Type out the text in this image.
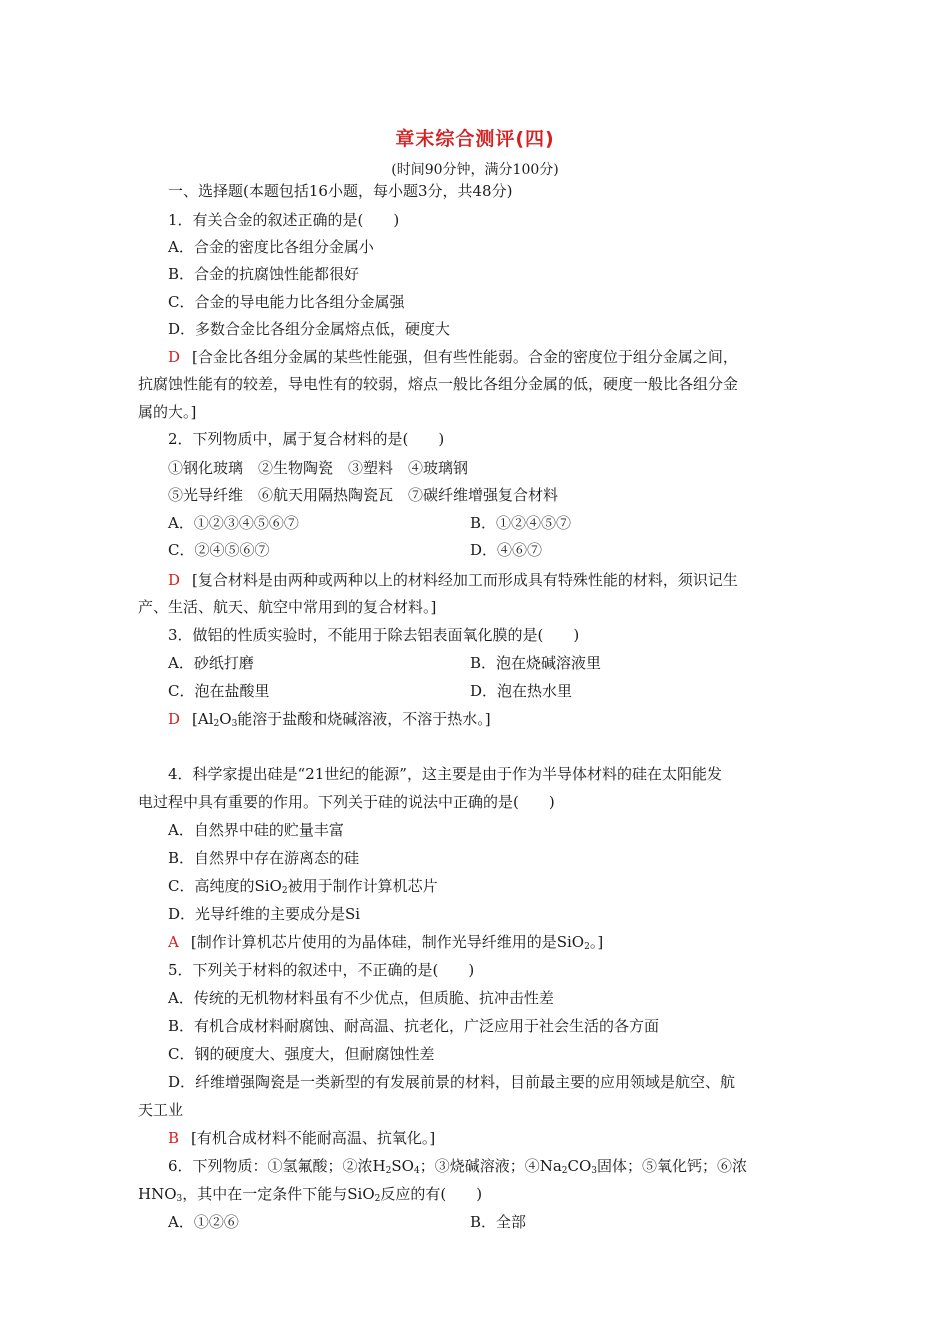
章末综合测评(四)
(时间90分钟，满分100分)
一、选择题(本题包括16小题，每小题3分，共48分)
1．有关合金的叙述正确的是(　　)
A．合金的密度比各组分金属小
B．合金的抗腐蚀性能都很好
C．合金的导电能力比各组分金属强
D．多数合金比各组分金属熔点低，硬度大
D [合金比各组分金属的某些性能强，但有些性能弱。合金的密度位于组分金属之间，
抗腐蚀性能有的较差，导电性有的较弱，熔点一般比各组分金属的低，硬度一般比各组分金
属的大。]
2．下列物质中，属于复合材料的是(　　)
①钢化玻璃　②生物陶瓷　③塑料　④玻璃钢
⑤光导纤维　⑥航天用隔热陶瓷瓦　⑦碳纤维增强复合材料
A．①②③④⑤⑥⑦	B．①②④⑤⑦
C．②④⑤⑥⑦	D．④⑥⑦
D [复合材料是由两种或两种以上的材料经加工而形成具有特殊性能的材料，须识记生
产、生活、航天、航空中常用到的复合材料。]
3．做铝的性质实验时，不能用于除去铝表面氧化膜的是(　　)
A．砂纸打磨	B．泡在烧碱溶液里
C．泡在盐酸里	D．泡在热水里
D [$Al_2O_3$能溶于盐酸和烧碱溶液，不溶于热水。]
4．科学家提出硅是“21世纪的能源”，这主要是由于作为半导体材料的硅在太阳能发
电过程中具有重要的作用。下列关于硅的说法中正确的是(　　)
A．自然界中硅的贮量丰富
B．自然界中存在游离态的硅
C．高纯度的SiO$_2$被用于制作计算机芯片
D．光导纤维的主要成分是Si
A [制作计算机芯片使用的为晶体硅，制作光导纤维用的是SiO$_2$。]
5．下列关于材料的叙述中，不正确的是(　　)
A．传统的无机物材料虽有不少优点，但质脆、抗冲击性差
B．有机合成材料耐腐蚀、耐高温、抗老化，广泛应用于社会生活的各方面
C．钢的硬度大、强度大，但耐腐蚀性差
D．纤维增强陶瓷是一类新型的有发展前景的材料，目前最主要的应用领域是航空、航
天工业
B [有机合成材料不能耐高温、抗氧化。]
6．下列物质：①氢氟酸；②浓$H_2SO_4$；③烧碱溶液；$④Na_2CO_3$固体；⑤氧化钙；⑥浓
$HNO_3$，其中在一定条件下能与SiO$_2$反应的有(　　)
A．①②⑥	B．全部
